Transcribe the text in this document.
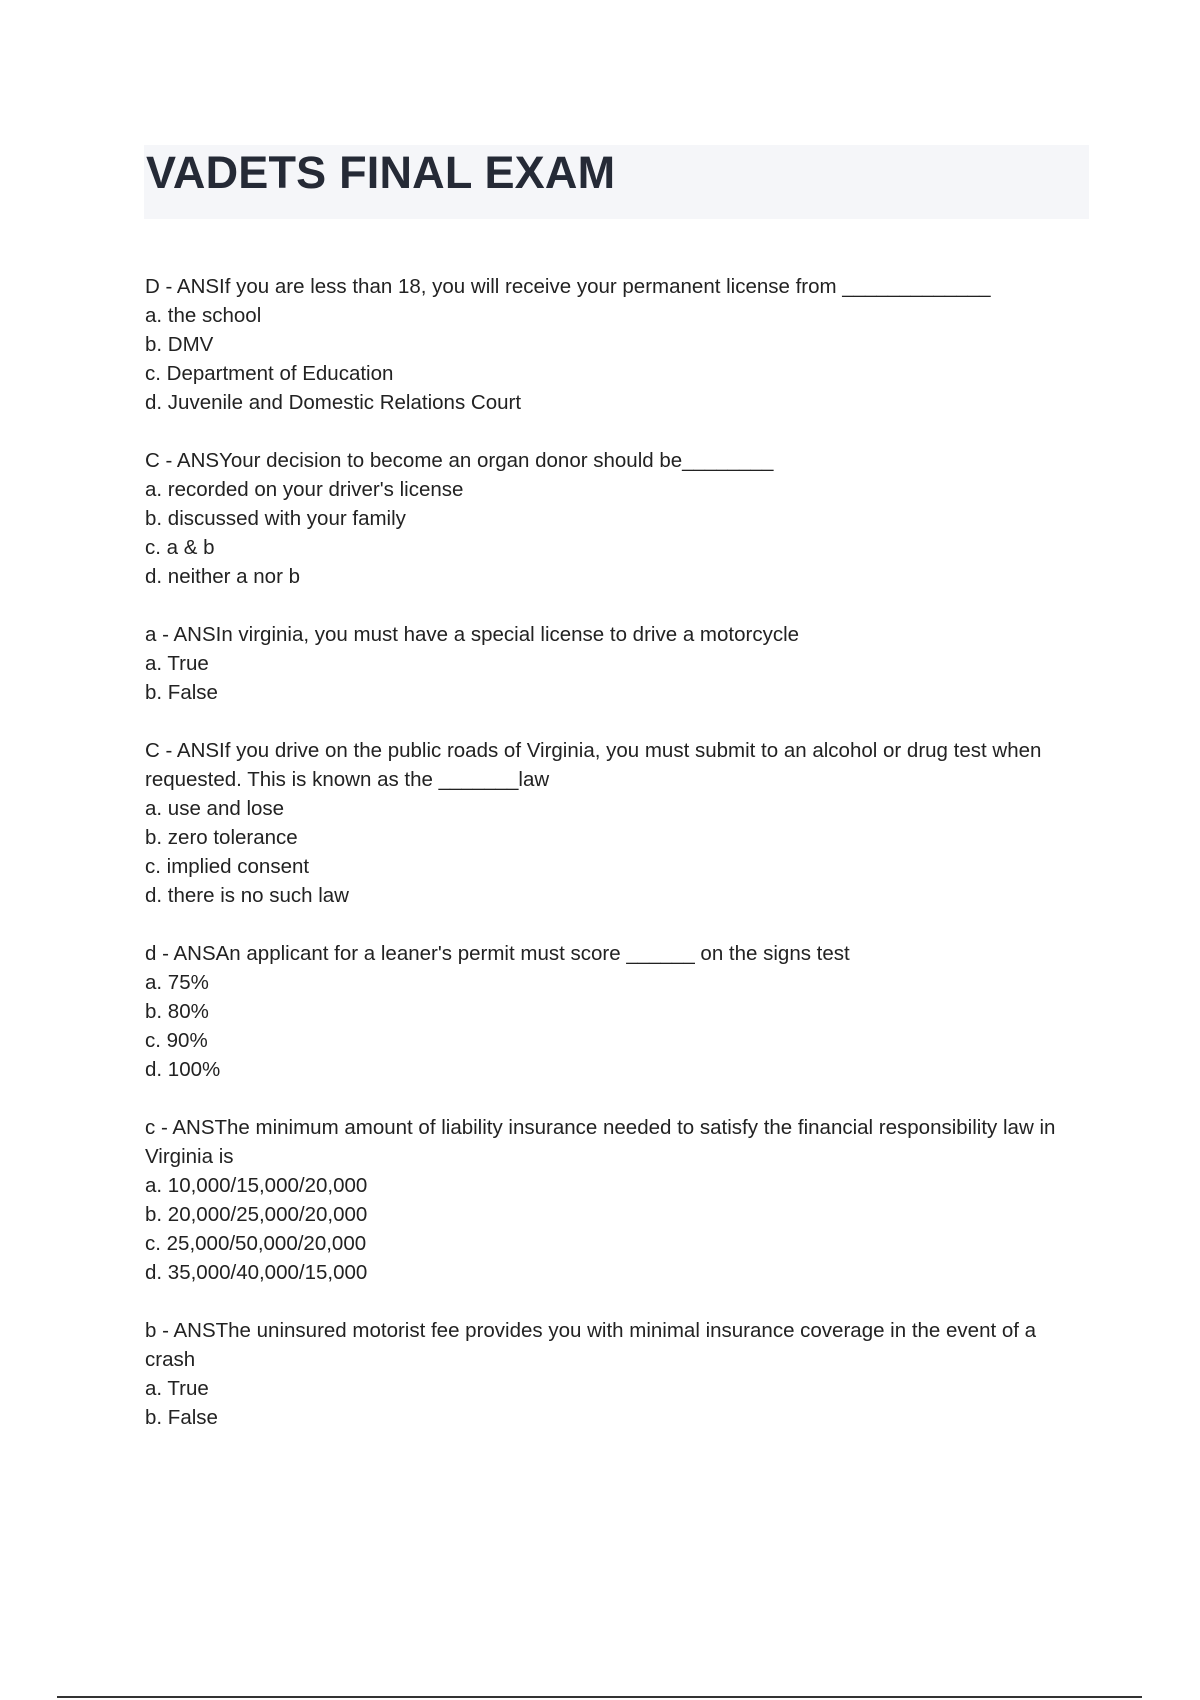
VADETS FINAL EXAM

D - ANSIf you are less than 18, you will receive your permanent license from _____________

a. the school

b. DMV

c. Department of Education

d. Juvenile and Domestic Relations Court

C - ANSYour decision to become an organ donor should be________

a. recorded on your driver's license

b. discussed with your family

c. a & b

d. neither a nor b

a - ANSIn virginia, you must have a special license to drive a motorcycle

a. True

b. False

C - ANSIf you drive on the public roads of Virginia, you must submit to an alcohol or drug test when requested. This is known as the _______law

a. use and lose

b. zero tolerance

c. implied consent

d. there is no such law

d - ANSAn applicant for a leaner's permit must score ______ on the signs test

a. 75%

b. 80%

c. 90%

d. 100%

c - ANSThe minimum amount of liability insurance needed to satisfy the financial responsibility law in Virginia is

a. 10,000/15,000/20,000

b. 20,000/25,000/20,000

c. 25,000/50,000/20,000

d. 35,000/40,000/15,000

b - ANSThe uninsured motorist fee provides you with minimal insurance coverage in the event of a crash

a. True

b. False
